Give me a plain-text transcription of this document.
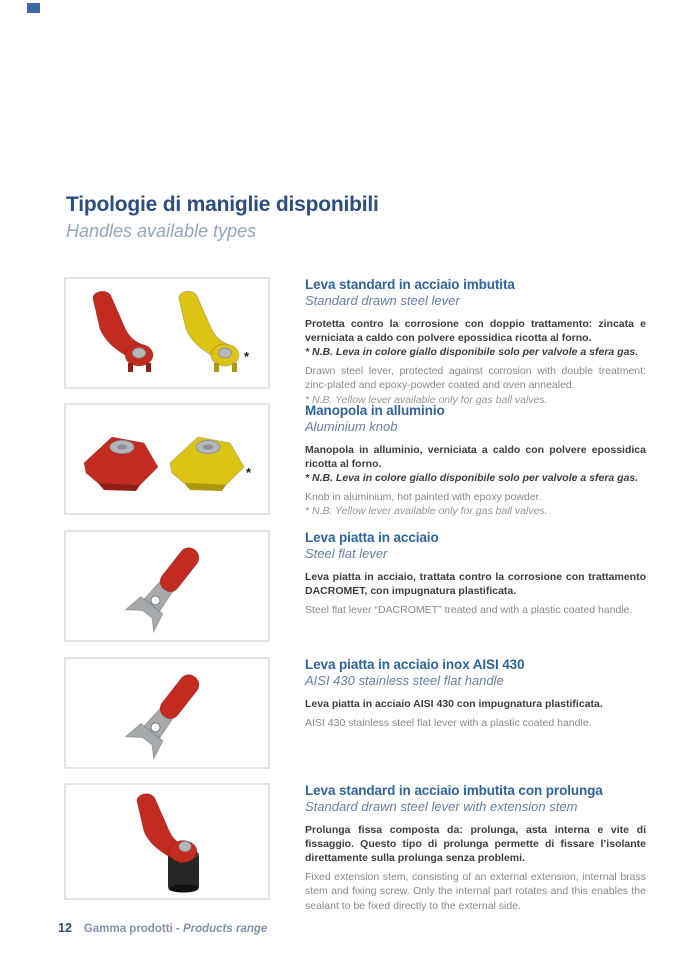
Tipologie di maniglie disponibili
Handles available types
*
Leva standard in acciaio imbutita
Standard drawn steel lever
Protetta contro la corrosione con doppio trattamento: zincata e verniciata a caldo con polvere epossidica ricotta al forno.
* N.B. Leva in colore giallo disponibile solo per valvole a sfera gas.
Drawn steel lever, protected against corrosion with double treatment: zinc-plated and epoxy-powder coated and oven annealed.
* N.B. Yellow lever available only for gas ball valves.
*
Manopola in alluminio
Aluminium knob
Manopola in alluminio, verniciata a caldo con polvere epossidica ricotta al forno.
* N.B. Leva in colore giallo disponibile solo per valvole a sfera gas.
Knob in aluminium, hot painted with epoxy powder.
* N.B. Yellow lever available only for gas ball valves.
Leva piatta in acciaio
Steel flat lever
Leva piatta in acciaio, trattata contro la corrosione con trattamento DACROMET, con impugnatura plastificata.
Steel flat lever “DACROMET” treated and with a plastic coated handle.
Leva piatta in acciaio inox AISI 430
AISI 430 stainless steel flat handle
Leva piatta in acciaio AISI 430 con impugnatura plastificata.
AISI 430 stainless steel flat lever with a plastic coated handle.
Leva standard in acciaio imbutita con prolunga
Standard drawn steel lever with extension stem
Prolunga fissa composta da: prolunga, asta interna e vite di fissaggio. Questo tipo di prolunga permette di fissare l’isolante direttamente sulla prolunga senza problemi.
Fixed extension stem, consisting of an external extension, internal brass stem and fixing screw. Only the internal part rotates and this enables the sealant to be fixed directly to the external side.
12 Gamma prodotti - Products range
